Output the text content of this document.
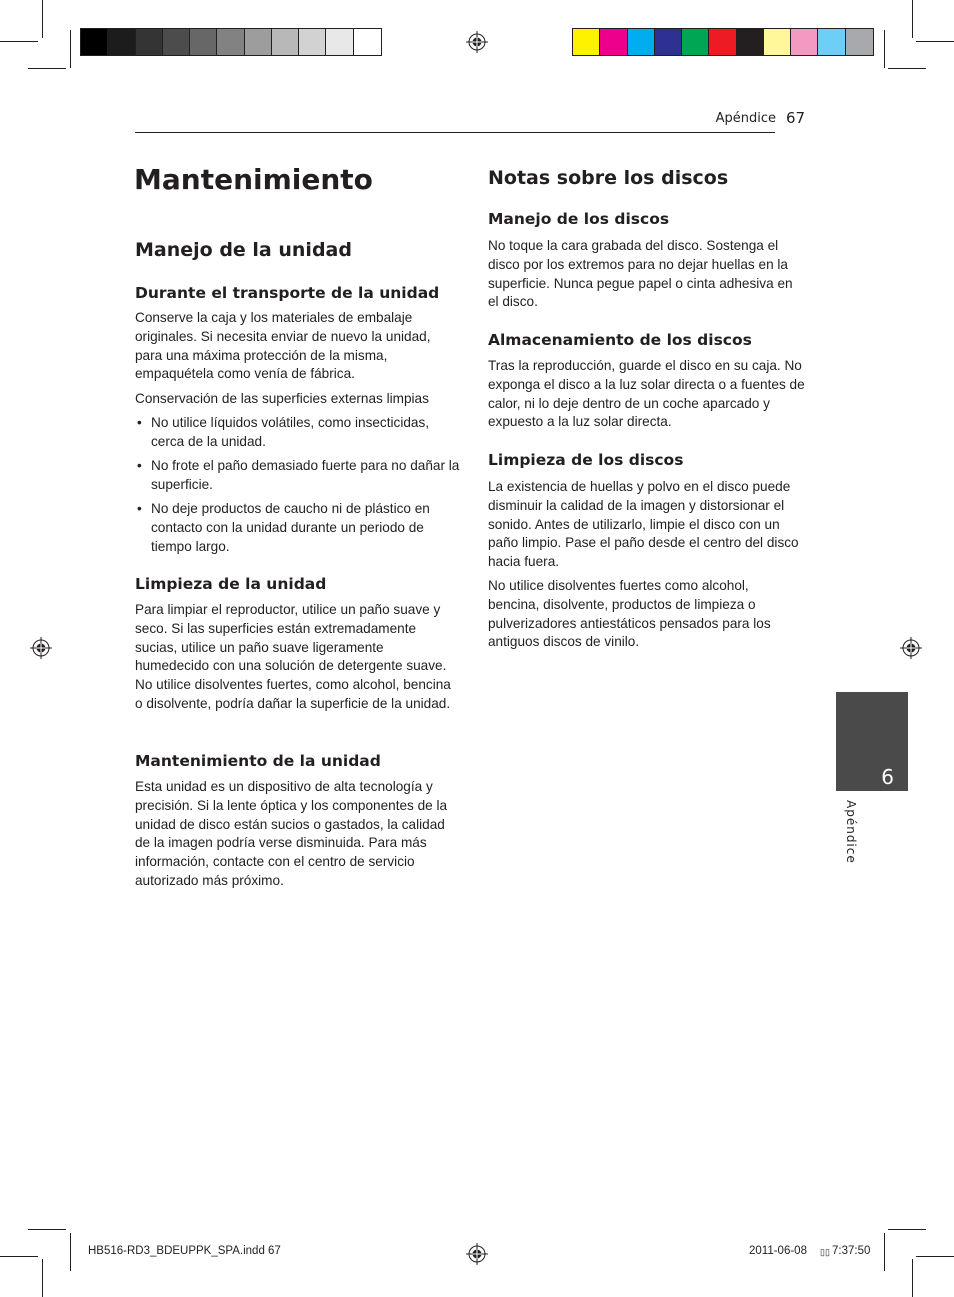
Apéndice 67
Mantenimiento
Manejo de la unidad
Durante el transporte de la unidad
Conserve la caja y los materiales de embalaje originales. Si necesita enviar de nuevo la unidad, para una máxima protección de la misma, empaquétela como venía de fábrica.
Conservación de las superficies externas limpias
• No utilice líquidos volátiles, como insecticidas, cerca de la unidad.
• No frote el paño demasiado fuerte para no dañar la superficie.
• No deje productos de caucho ni de plástico en contacto con la unidad durante un periodo de tiempo largo.
Limpieza de la unidad
Para limpiar el reproductor, utilice un paño suave y seco. Si las superficies están extremadamente sucias, utilice un paño suave ligeramente humedecido con una solución de detergente suave. No utilice disolventes fuertes, como alcohol, bencina o disolvente, podría dañar la superficie de la unidad.
Mantenimiento de la unidad
Esta unidad es un dispositivo de alta tecnología y precisión. Si la lente óptica y los componentes de la unidad de disco están sucios o gastados, la calidad de la imagen podría verse disminuida. Para más información, contacte con el centro de servicio autorizado más próximo.
Notas sobre los discos
Manejo de los discos
No toque la cara grabada del disco. Sostenga el disco por los extremos para no dejar huellas en la superficie. Nunca pegue papel o cinta adhesiva en el disco.
Almacenamiento de los discos
Tras la reproducción, guarde el disco en su caja. No exponga el disco a la luz solar directa o a fuentes de calor, ni lo deje dentro de un coche aparcado y expuesto a la luz solar directa.
Limpieza de los discos
La existencia de huellas y polvo en el disco puede disminuir la calidad de la imagen y distorsionar el sonido. Antes de utilizarlo, limpie el disco con un paño limpio. Pase el paño desde el centro del disco hacia fuera.
No utilice disolventes fuertes como alcohol, bencina, disolvente, productos de limpieza o pulverizadores antiestáticos pensados para los antiguos discos de vinilo.
6
Apéndice
HB516-RD3_BDEUPPK_SPA.indd 67	2011-06-08 ▯▯ 7:37:50
